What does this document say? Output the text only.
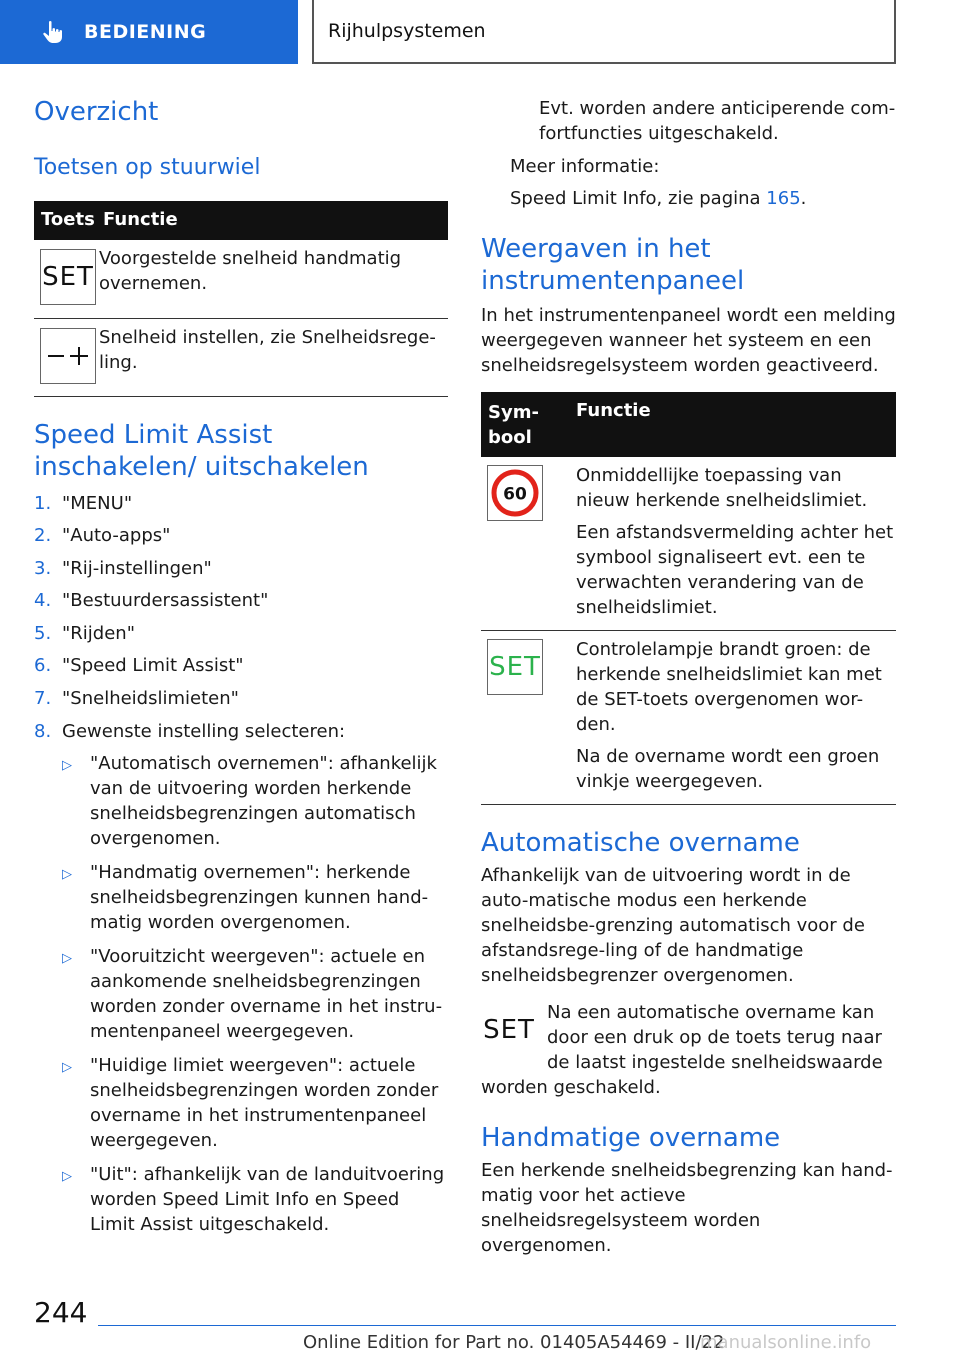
BEDIENING	Rijhulpsystemen
Overzicht
Toetsen op stuurwiel
Toets	Functie

SET	Voorgestelde snelheid handmatig overnemen.

	Snelheid instellen, zie Snelheidsrege-ling.
Speed Limit Assist inschakelen/ uitschakelen
1. "MENU"
2. "Auto-apps"
3. "Rij-instellingen"
4. "Bestuurdersassistent"
5. "Rijden"
6. "Speed Limit Assist"
7. "Snelheidslimieten"
8. Gewenste instelling selecteren:
▷	"Automatisch overnemen": afhankelijk van de uitvoering worden herkende snelheidsbegrenzingen automatisch overgenomen.
▷	"Handmatig overnemen": herkende snelheidsbegrenzingen kunnen hand-matig worden overgenomen.
▷	"Vooruitzicht weergeven": actuele en aankomende snelheidsbegrenzingen worden zonder overname in het instru-mentenpaneel weergegeven.
▷	"Huidige limiet weergeven": actuele snelheidsbegrenzingen worden zonder overname in het instrumentenpaneel weergegeven.
▷	"Uit": afhankelijk van de landuitvoering worden Speed Limit Info en Speed Limit Assist uitgeschakeld.
Evt. worden andere anticiperende com-fortfuncties uitgeschakeld.
Meer informatie:
Speed Limit Info, zie pagina 165.
Weergaven in het instrumentenpaneel
In het instrumentenpaneel wordt een melding weergegeven wanneer het systeem en een snelheidsregelsysteem worden geactiveerd.
Sym-bool	Functie

60	Onmiddellijke toepassing van nieuw herkende snelheidslimiet.
Een afstandsvermelding achter het symbool signaliseert evt. een te verwachten verandering van de snelheidslimiet.

SET	Controlelampje brandt groen: de herkende snelheidslimiet kan met de SET-toets overgenomen wor-den.
Na de overname wordt een groen vinkje weergegeven.
Automatische overname
Afhankelijk van de uitvoering wordt in de auto-matische modus een herkende snelheidsbe-grenzing automatisch voor de afstandsrege-ling of de handmatige snelheidsbegrenzer overgenomen.
SET
Na een automatische overname kan door een druk op de toets terug naar de laatst ingestelde snelheidswaarde
worden geschakeld.
Handmatige overname
Een herkende snelheidsbegrenzing kan hand-matig voor het actieve snelheidsregelsysteem worden overgenomen.
244
Online Edition for Part no. 01405A54469 - II/22
manualsonline.info
